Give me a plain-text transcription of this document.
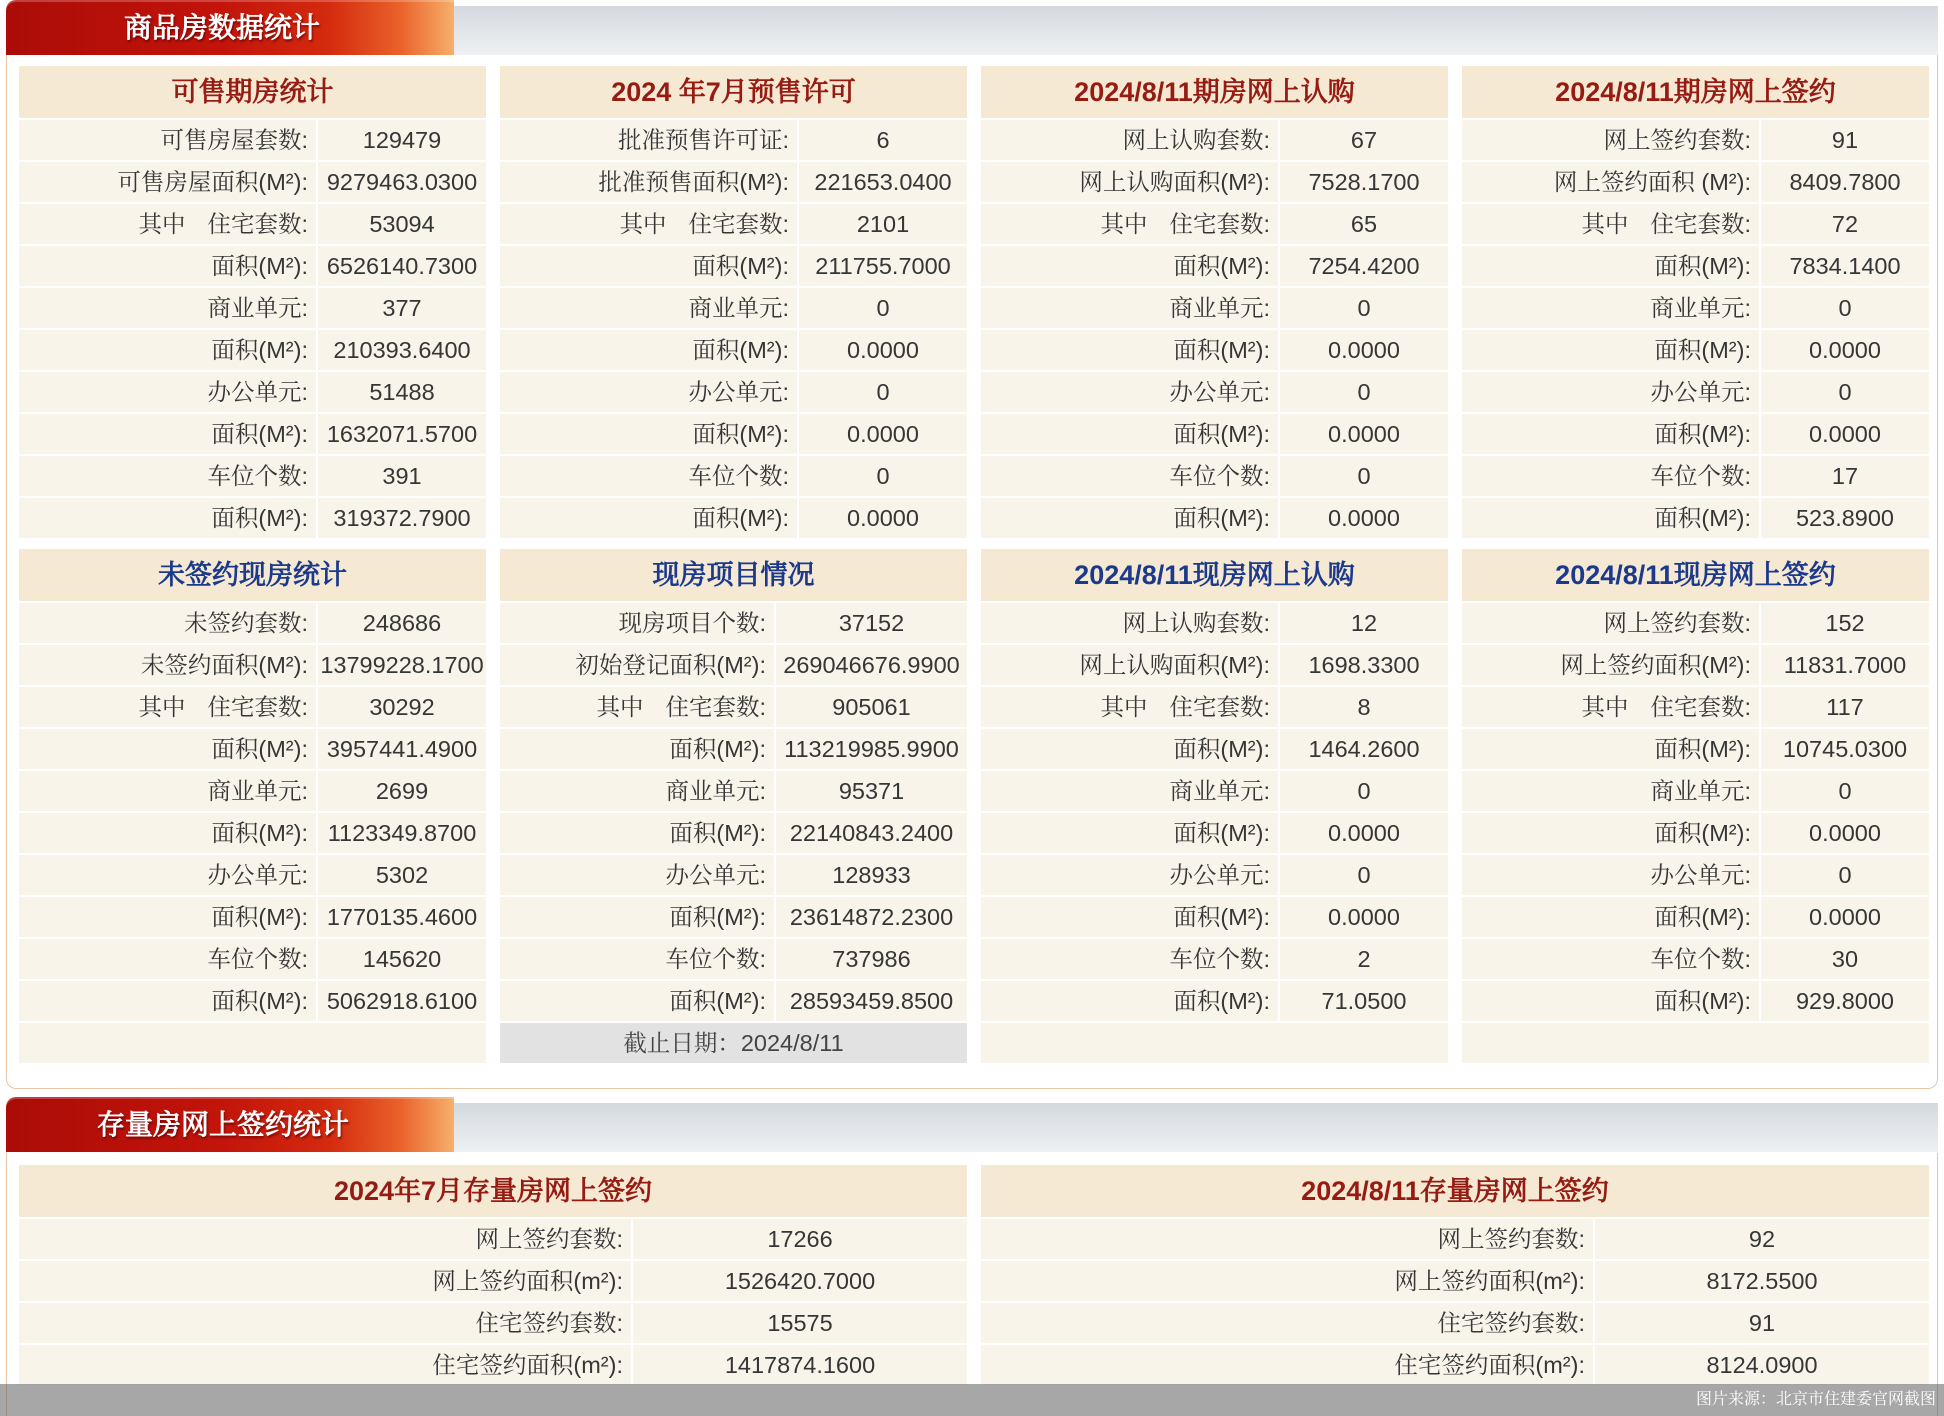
商品房数据统计
可售期房统计
可售房屋套数:	129479
可售房屋面积(M²): 9279463.0300
其中 住宅套数:	53094
面积(M²): 6526140.7300
商业单元:	377
面积(M²):	210393.6400
办公单元:	51488
面积(M²): 1632071.5700
车位个数:	391
面积(M²):	319372.7900
2024 年7月预售许可
批准预售许可证:	6
批准预售面积(M²):	221653.0400
其中 住宅套数:	2101
面积(M²):	211755.7000
商业单元:	0
面积(M²):	0.0000
办公单元:	0
面积(M²):	0.0000
车位个数:	0
面积(M²):	0.0000
2024/8/11期房网上认购
网上认购套数:	67
网上认购面积(M²):	7528.1700
其中 住宅套数:	65
面积(M²):	7254.4200
商业单元:	0
面积(M²):	0.0000
办公单元:	0
面积(M²):	0.0000
车位个数:	0
面积(M²):	0.0000
2024/8/11期房网上签约
网上签约套数:	91
网上签约面积 (M²):	8409.7800
其中 住宅套数:	72
面积(M²):	7834.1400
商业单元:	0
面积(M²):	0.0000
办公单元:	0
面积(M²):	0.0000
车位个数:	17
面积(M²):	523.8900
未签约现房统计
未签约套数:	248686
未签约面积(M²): 13799228.1700
其中 住宅套数:	30292
面积(M²): 3957441.4900
商业单元:	2699
面积(M²): 1123349.8700
办公单元:	5302
面积(M²): 1770135.4600
车位个数:	145620
面积(M²): 5062918.6100
现房项目情况
现房项目个数:	37152
初始登记面积(M²): 269046676.9900
其中 住宅套数:	905061
面积(M²): 113219985.9900
商业单元:	95371
面积(M²):	22140843.2400
办公单元:	128933
面积(M²):	23614872.2300
车位个数:	737986
面积(M²):	28593459.8500
截止日期：2024/8/11
2024/8/11现房网上认购
网上认购套数:	12
网上认购面积(M²):	1698.3300
其中 住宅套数:	8
面积(M²):	1464.2600
商业单元:	0
面积(M²):	0.0000
办公单元:	0
面积(M²):	0.0000
车位个数:	2
面积(M²):	71.0500
2024/8/11现房网上签约
网上签约套数:	152
网上签约面积(M²):	11831.7000
其中 住宅套数:	117
面积(M²):	10745.0300
商业单元:	0
面积(M²):	0.0000
办公单元:	0
面积(M²):	0.0000
车位个数:	30
面积(M²):	929.8000
存量房网上签约统计
2024年7月存量房网上签约
网上签约套数:	17266
网上签约面积(m²):	1526420.7000
住宅签约套数:	15575
住宅签约面积(m²):	1417874.1600
2024/8/11存量房网上签约
网上签约套数:	92
网上签约面积(m²):	8172.5500
住宅签约套数:	91
住宅签约面积(m²):	8124.0900
图片来源：北京市住建委官网截图
